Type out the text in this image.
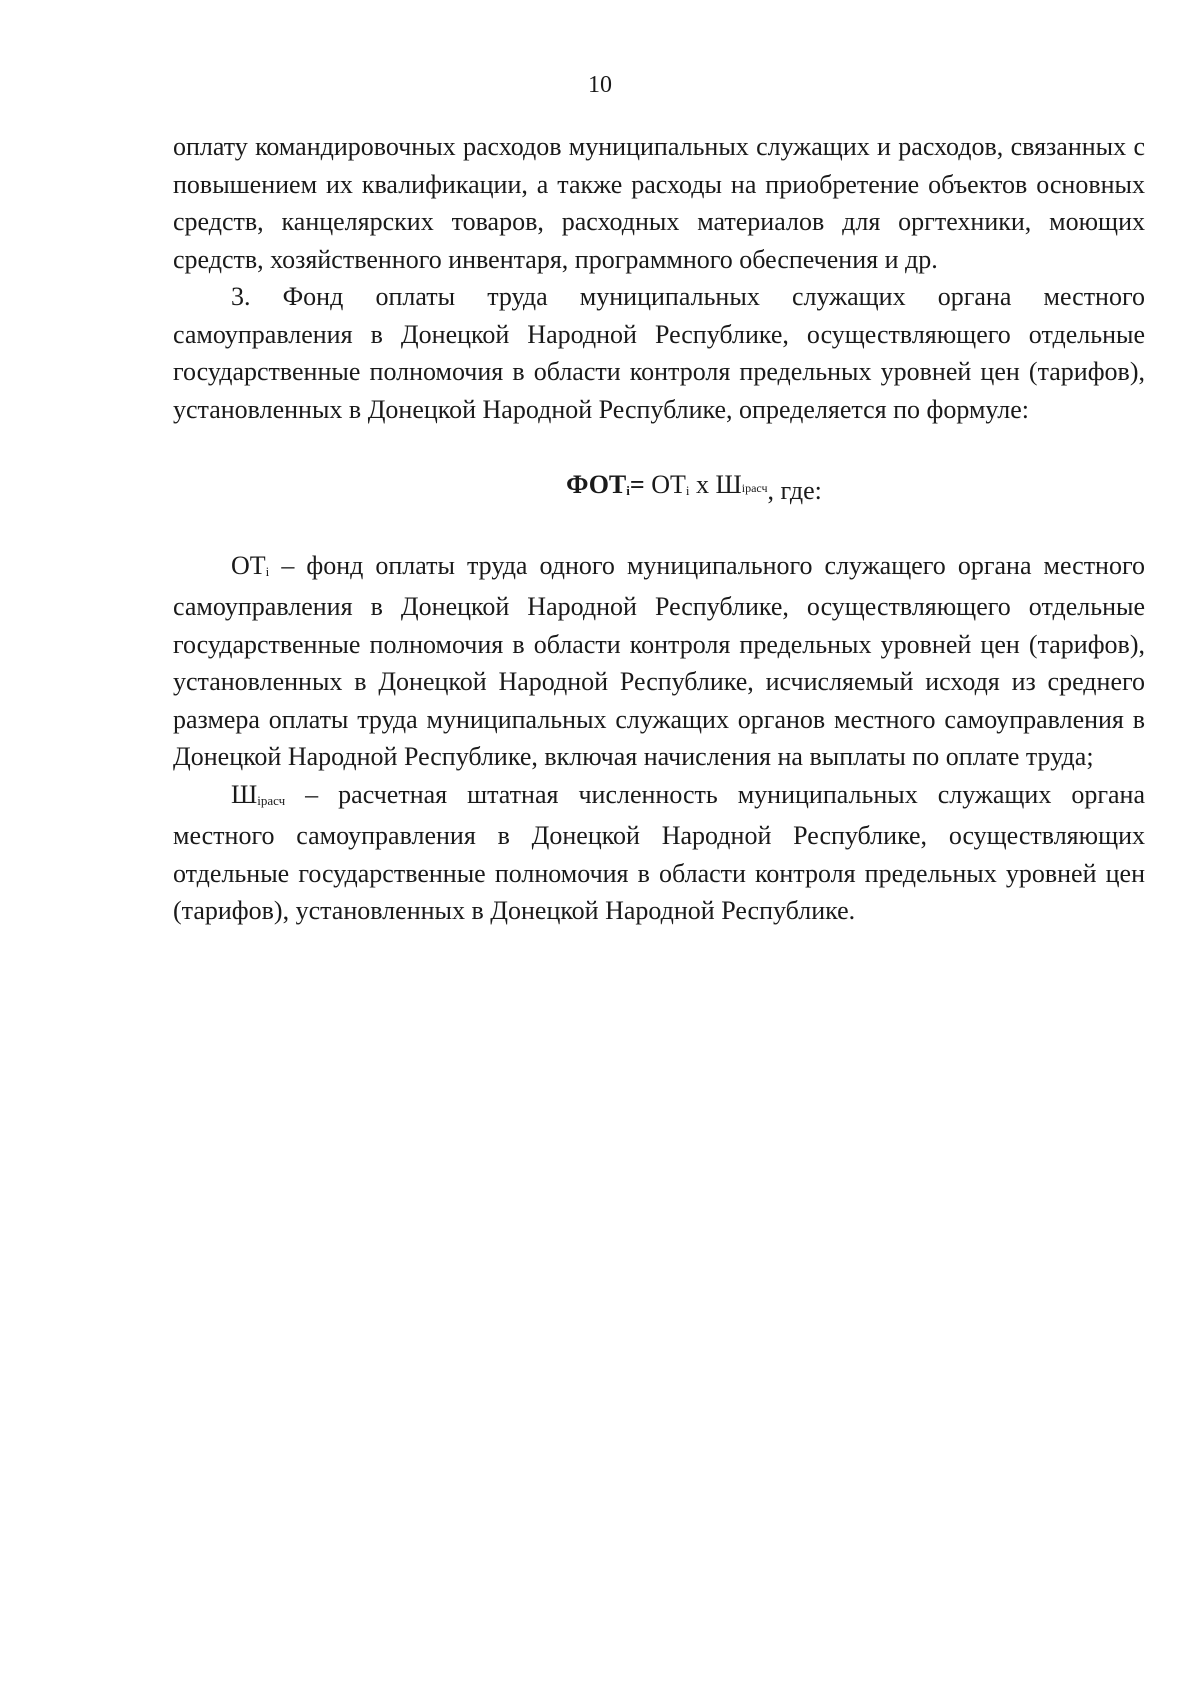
10

оплату командировочных расходов муниципальных служащих и расходов, связанных с повышением их квалификации, а также расходы на приобретение объектов основных средств, канцелярских товаров, расходных материалов для оргтехники, моющих средств, хозяйственного инвентаря, программного обеспечения и др.

3. Фонд оплаты труда муниципальных служащих органа местного самоуправления в Донецкой Народной Республике, осуществляющего отдельные государственные полномочия в области контроля предельных уровней цен (тарифов), установленных в Донецкой Народной Республике, определяется по формуле:

ФОТi= ОТi х Шiрасч, где:

ОТi – фонд оплаты труда одного муниципального служащего органа местного самоуправления в Донецкой Народной Республике, осуществляющего отдельные государственные полномочия в области контроля предельных уровней цен (тарифов), установленных в Донецкой Народной Республике, исчисляемый исходя из среднего размера оплаты труда муниципальных служащих органов местного самоуправления в Донецкой Народной Республике, включая начисления на выплаты по оплате труда;

Шiрасч – расчетная штатная численность муниципальных служащих органа местного самоуправления в Донецкой Народной Республике, осуществляющих отдельные государственные полномочия в области контроля предельных уровней цен (тарифов), установленных в Донецкой Народной Республике.
